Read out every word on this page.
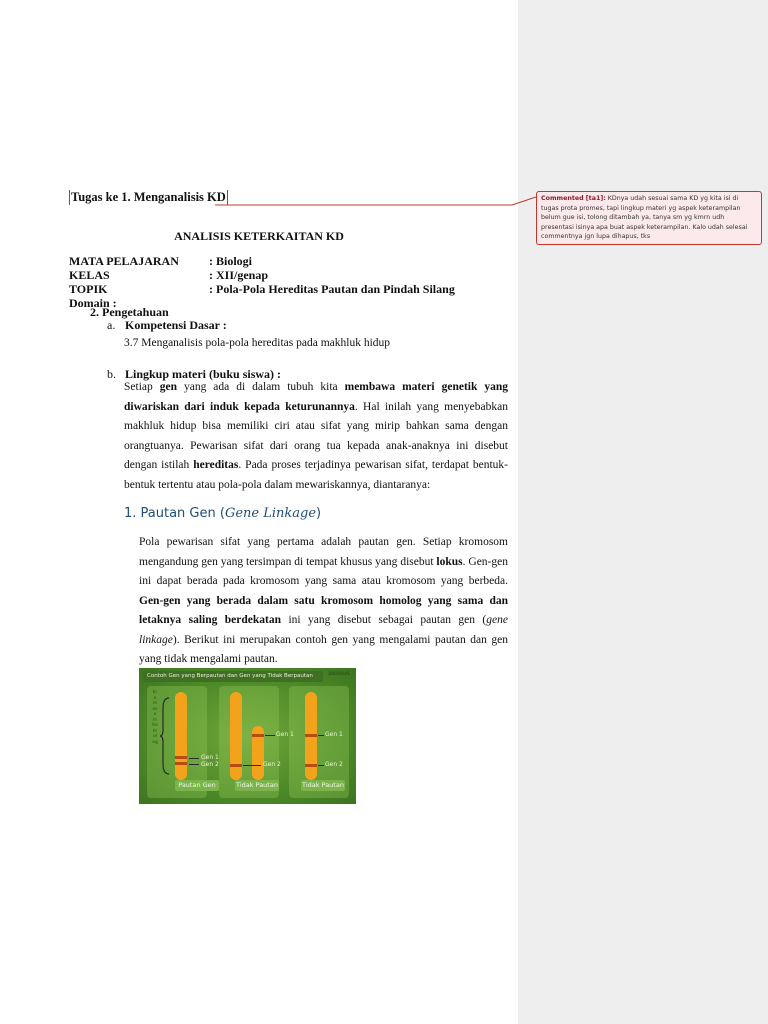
Commented [ta1]: KDnya udah sesuai sama KD yg kita isi di tugas prota promes, tapi lingkup materi yg aspek keterampilan belum gue isi, tolong ditambah ya, tanya sm yg kmrn udh presentasi isinya apa buat aspek keterampilan. Kalo udah selesai commentnya jgn lupa dihapus, tks
Tugas ke 1. Menganalisis KD
ANALISIS KETERKAITAN KD
MATA PELAJARAN	: Biologi
KELAS	: XII/genap
TOPIK	: Pola-Pola Hereditas Pautan dan Pindah Silang
Domain :
2. Pengetahuan
a. Kompetensi Dasar :
3.7 Menganalisis pola-pola hereditas pada makhluk hidup
b. Lingkup materi (buku siswa) :
Setiap gen yang ada di dalam tubuh kita membawa materi genetik yang diwariskan dari induk kepada keturunannya. Hal inilah yang menyebabkan makhluk hidup bisa memiliki ciri atau sifat yang mirip bahkan sama dengan orangtuanya. Pewarisan sifat dari orang tua kepada anak-anaknya ini disebut dengan istilah hereditas. Pada proses terjadinya pewarisan sifat, terdapat bentuk-bentuk tertentu atau pola-pola dalam mewariskannya, diantaranya:
1. Pautan Gen (Gene Linkage)
Pola pewarisan sifat yang pertama adalah pautan gen. Setiap kromosom mengandung gen yang tersimpan di tempat khusus yang disebut lokus. Gen-gen ini dapat berada pada kromosom yang sama atau kromosom yang berbeda. Gen-gen yang berada dalam satu kromosom homolog yang sama dan letaknya saling berdekatan ini yang disebut sebagai pautan gen (gene linkage). Berikut ini merupakan contoh gen yang mengalami pautan dan gen yang tidak mengalami pautan.
Contoh Gen yang Berpautan dan Gen yang Tidak Berpautan	zenius
kromosom homolog
Gen 1
Gen 2
Gen 1
Gen 2
Gen 1
Gen 2
Pautan Gen	Tidak Pautan	Tidak Pautan
